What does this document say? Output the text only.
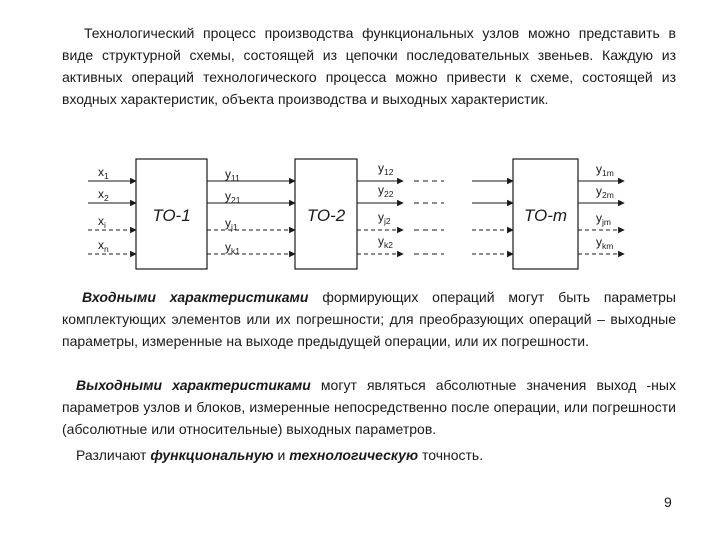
Технологический процесс производства функциональных узлов можно представить в виде структурной схемы, состоящей из цепочки последовательных звеньев. Каждую из активных операций технологического процесса можно привести к схеме, состоящей из входных характеристик, объекта производства и выходных характеристик.

ТО-1	ТО-2	ТО-m
$x_1$	$y_{11}$
$y_{12}$	$y_{1m}$
$x_2$	$y_{21}$
$y_{22}$	$y_{2m}$
$x_i$	$y_{j1}$
$y_{j2}$	$y_{jm}$
$x_n$	$y_{k1}$
$y_{k2}$	$y_{km}$

Входными характеристиками формирующих операций могут быть параметры комплектующих элементов или их погрешности; для преобразующих операций – выходные параметры, измеренные на выходе предыдущей операции, или их погрешности.

Выходными характеристиками могут являться абсолютные значения выход -ных параметров узлов и блоков, измеренные непосредственно после операции, или погрешности (абсолютные или относительные) выходных параметров.

Различают функциональную и технологическую точность.

9
